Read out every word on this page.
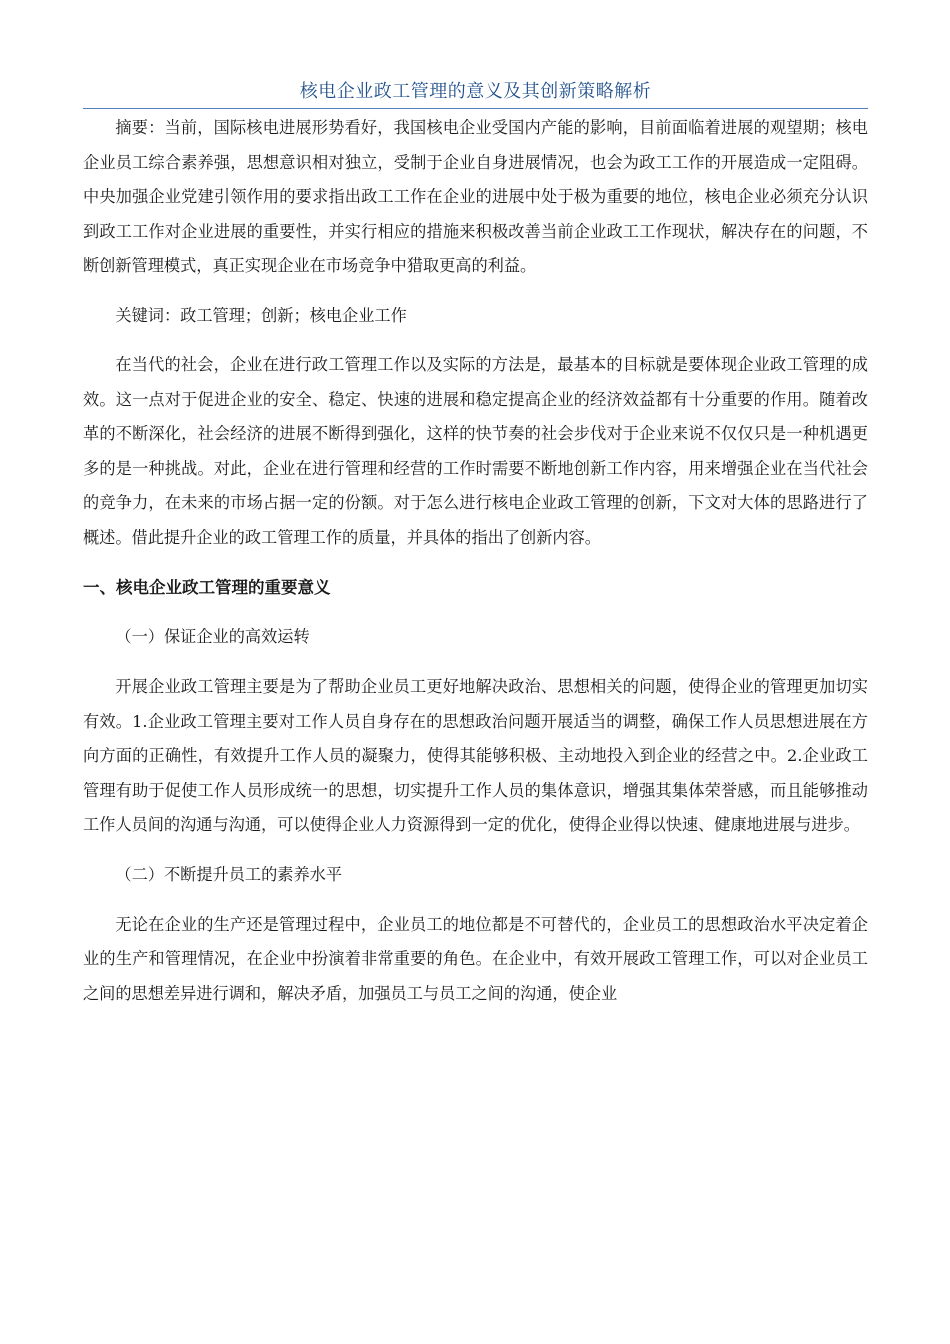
核电企业政工管理的意义及其创新策略解析

摘要：当前，国际核电进展形势看好，我国核电企业受国内产能的影响，目前面临着进展的观望期；核电企业员工综合素养强，思想意识相对独立，受制于企业自身进展情况，也会为政工工作的开展造成一定阻碍。中央加强企业党建引领作用的要求指出政工工作在企业的进展中处于极为重要的地位，核电企业必须充分认识到政工工作对企业进展的重要性，并实行相应的措施来积极改善当前企业政工工作现状，解决存在的问题，不断创新管理模式，真正实现企业在市场竞争中猎取更高的利益。

关键词：政工管理；创新；核电企业工作

在当代的社会，企业在进行政工管理工作以及实际的方法是，最基本的目标就是要体现企业政工管理的成效。这一点对于促进企业的安全、稳定、快速的进展和稳定提高企业的经济效益都有十分重要的作用。随着改革的不断深化，社会经济的进展不断得到强化，这样的快节奏的社会步伐对于企业来说不仅仅只是一种机遇更多的是一种挑战。对此，企业在进行管理和经营的工作时需要不断地创新工作内容，用来增强企业在当代社会的竞争力，在未来的市场占据一定的份额。对于怎么进行核电企业政工管理的创新，下文对大体的思路进行了概述。借此提升企业的政工管理工作的质量，并具体的指出了创新内容。

一、核电企业政工管理的重要意义
（一）保证企业的高效运转

开展企业政工管理主要是为了帮助企业员工更好地解决政治、思想相关的问题，使得企业的管理更加切实有效。1.企业政工管理主要对工作人员自身存在的思想政治问题开展适当的调整，确保工作人员思想进展在方向方面的正确性，有效提升工作人员的凝聚力，使得其能够积极、主动地投入到企业的经营之中。2.企业政工管理有助于促使工作人员形成统一的思想，切实提升工作人员的集体意识，增强其集体荣誉感，而且能够推动工作人员间的沟通与沟通，可以使得企业人力资源得到一定的优化，使得企业得以快速、健康地进展与进步。

（二）不断提升员工的素养水平

无论在企业的生产还是管理过程中，企业员工的地位都是不可替代的，企业员工的思想政治水平决定着企业的生产和管理情况，在企业中扮演着非常重要的角色。在企业中，有效开展政工管理工作，可以对企业员工之间的思想差异进行调和，解决矛盾，加强员工与员工之间的沟通，使企业
